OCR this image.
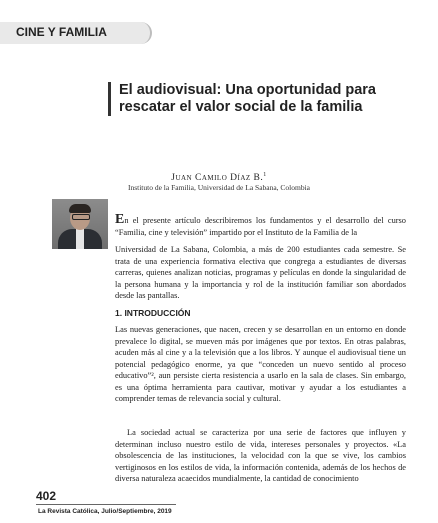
CINE Y FAMILIA
El audiovisual: Una oportunidad para rescatar el valor social de la familia
Juan Camilo Díaz B.$^1$
Instituto de la Familia, Universidad de La Sabana, Colombia

En el presente artículo describiremos los fundamentos y el desarrollo del curso “Familia, cine y televisión” impartido por el Instituto de la Familia de la

Universidad de La Sabana, Colombia, a más de 200 estudiantes cada semestre. Se trata de una experiencia formativa electiva que congrega a estudiantes de diversas carreras, quienes analizan noticias, programas y películas en donde la singularidad de la persona humana y la importancia y rol de la institución familiar son abordados desde las pantallas.

1. INTRODUCCIÓN

Las nuevas generaciones, que nacen, crecen y se desarrollan en un entorno en donde prevalece lo digital, se mueven más por imágenes que por textos. En otras palabras, acuden más al cine y a la televisión que a los libros. Y aunque el audiovisual tiene un potencial pedagógico enorme, ya que “conceden un nuevo sentido al proceso educativo”², aun persiste cierta resistencia a usarlo en la sala de clases. Sin embargo, es una óptima herramienta para cautivar, motivar y ayudar a los estudiantes a comprender temas de relevancia social y cultural.

La sociedad actual se caracteriza por una serie de factores que influyen y determinan incluso nuestro estilo de vida, intereses personales y proyectos. «La obsolescencia de las instituciones, la velocidad con la que se vive, los cambios vertiginosos en los estilos de vida, la información contenida, además de los hechos de diversa naturaleza acaecidos mundialmente, la cantidad de conocimiento

402
La Revista Católica, Julio/Septiembre, 2019
